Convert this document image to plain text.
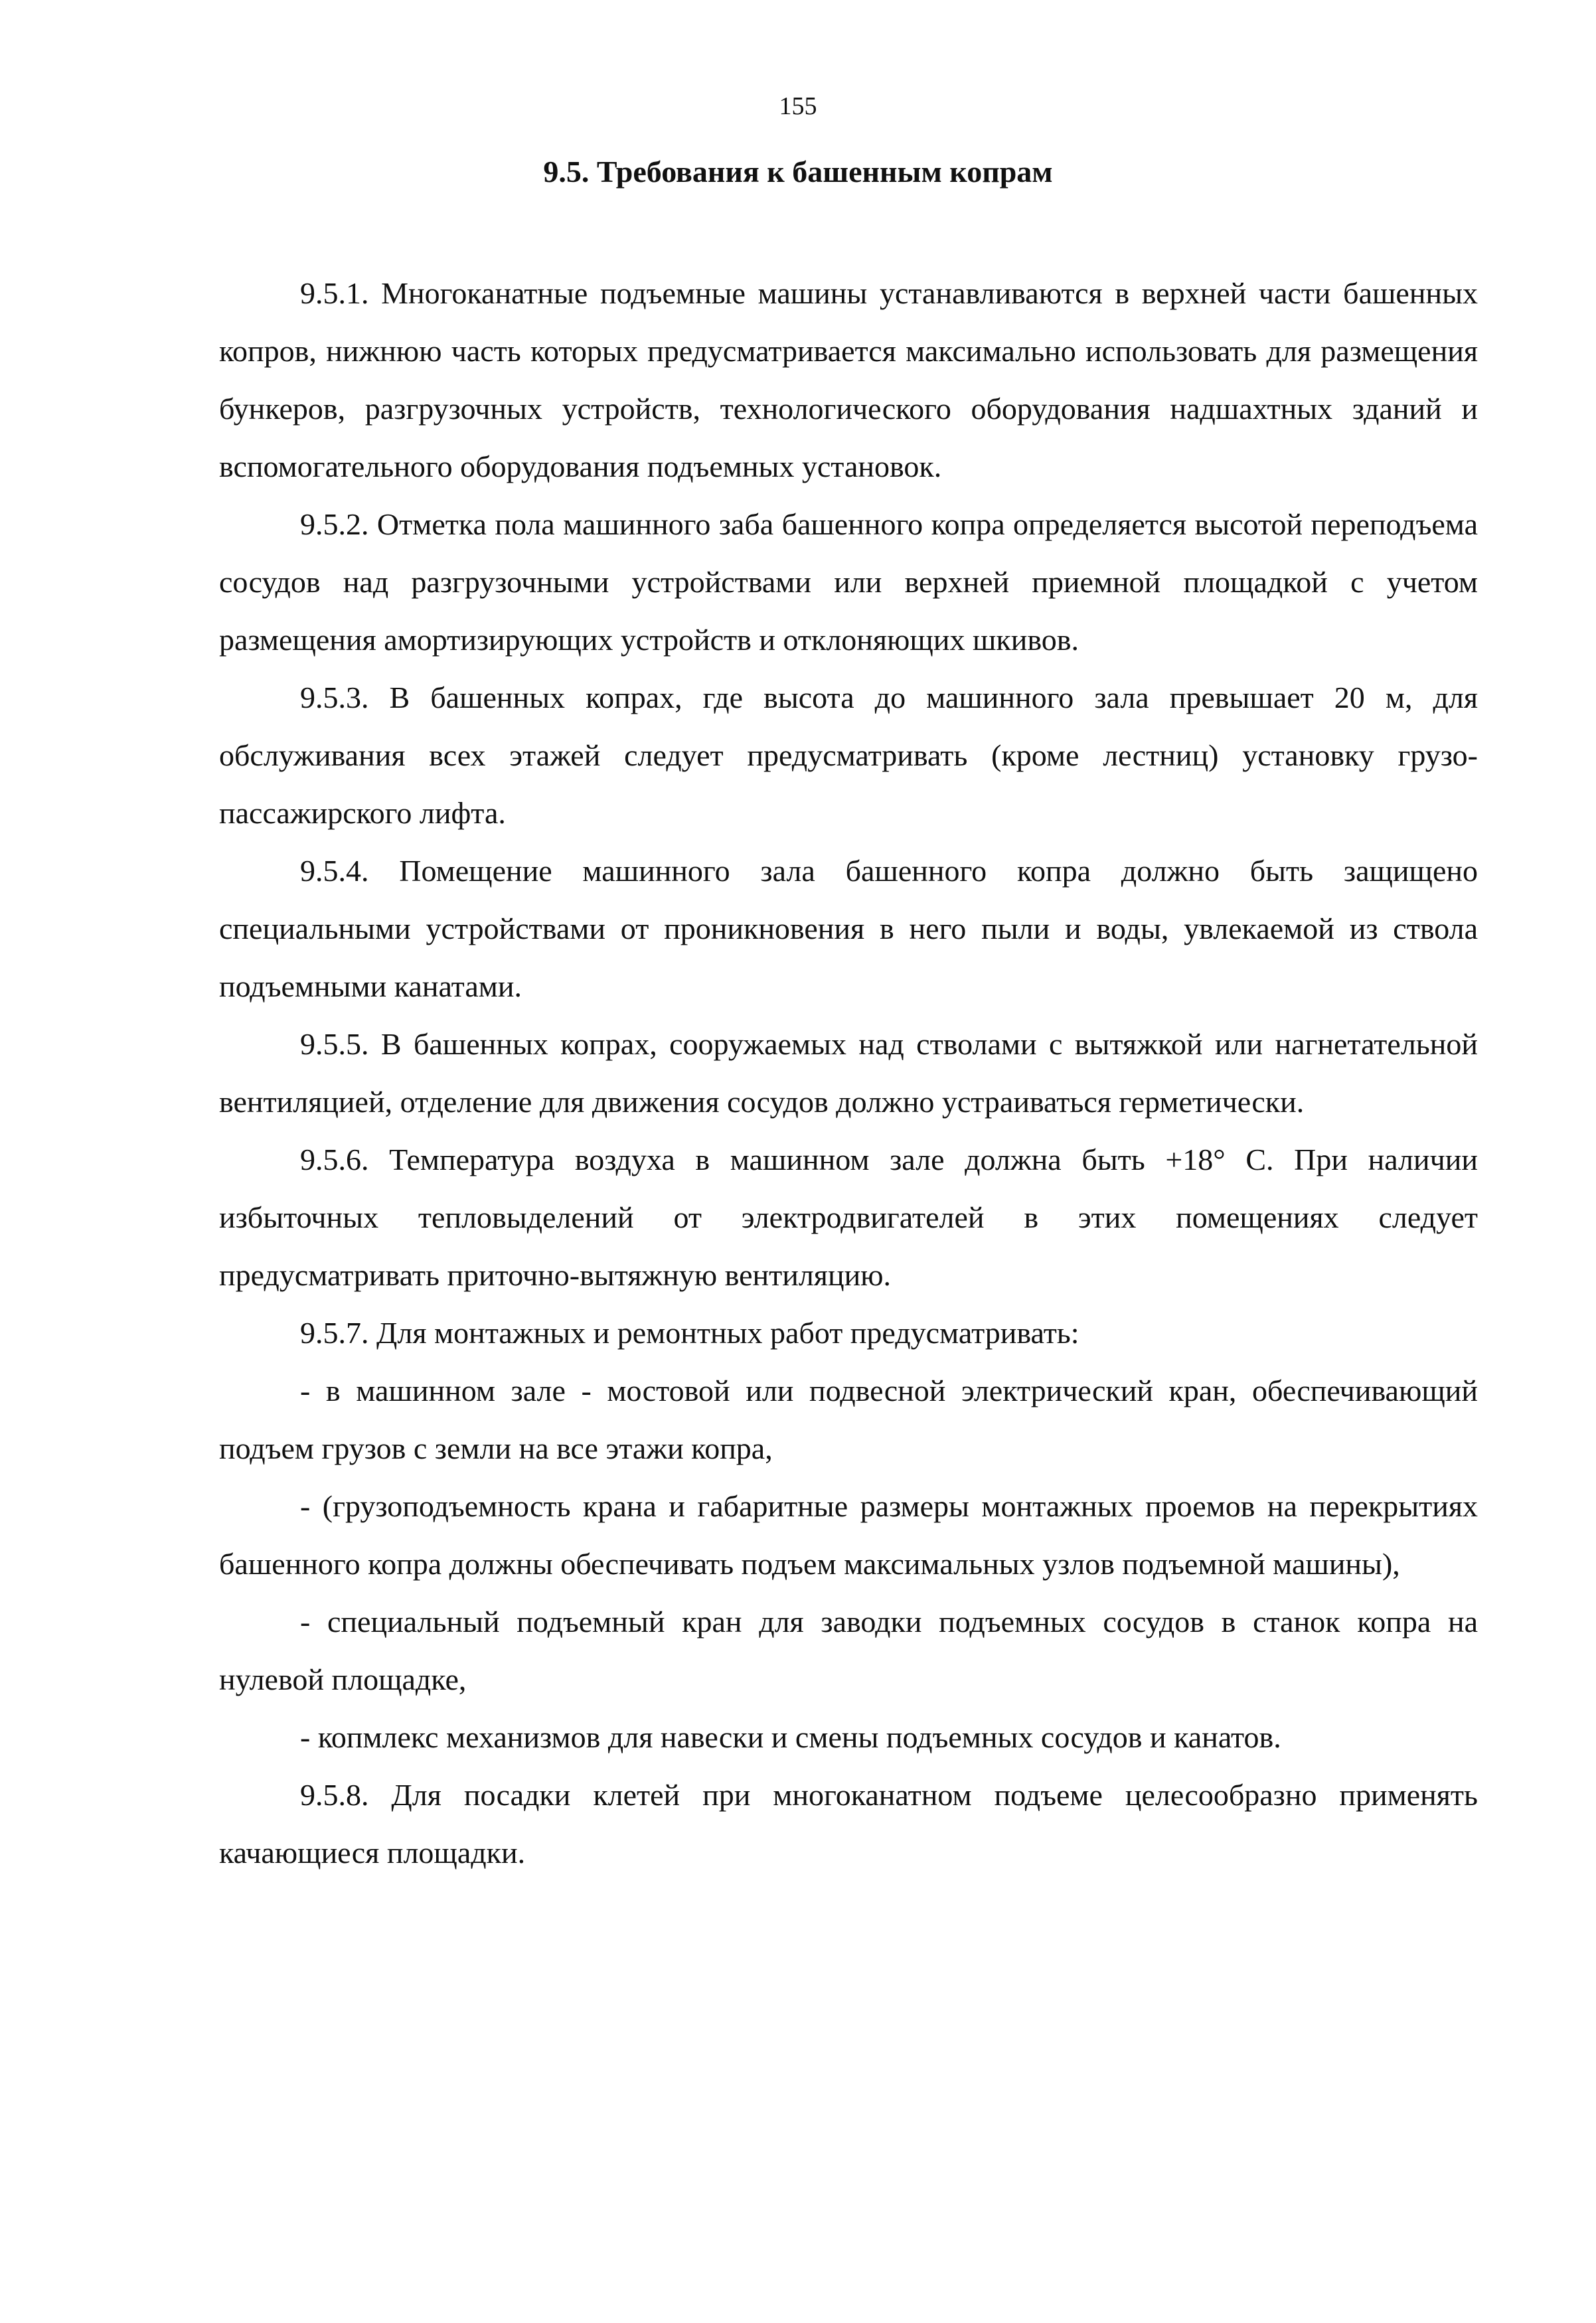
155
9.5. Требования к башенным копрам

9.5.1. Многоканатные подъемные машины устанавливаются в верхней части башенных копров, нижнюю часть которых предусматривается максимально использовать для размещения бункеров, разгрузочных устройств, технологического оборудования надшахтных зданий и вспомогательного оборудования подъемных установок.

9.5.2. Отметка пола машинного заба башенного копра определяется высотой переподъема сосудов над разгрузочными устройствами или верхней приемной площадкой с учетом размещения амортизирующих устройств и отклоняющих шкивов.

9.5.3. В башенных копрах, где высота до машинного зала превышает 20 м, для обслуживания всех этажей следует предусматривать (кроме лестниц) установку грузо-пассажирского лифта.

9.5.4. Помещение машинного зала башенного копра должно быть защищено специальными устройствами от проникновения в него пыли и воды, увлекаемой из ствола подъемными канатами.

9.5.5. В башенных копрах, сооружаемых над стволами с вытяжкой или нагнетательной вентиляцией, отделение для движения сосудов должно устраиваться герметически.

9.5.6. Температура воздуха в машинном зале должна быть +18° С. При наличии избыточных тепловыделений от электродвигателей в этих помещениях следует предусматривать приточно-вытяжную вентиляцию.

9.5.7. Для монтажных и ремонтных работ предусматривать:

- в машинном зале - мостовой или подвесной электрический кран, обеспечивающий подъем грузов с земли на все этажи копра,

- (грузоподъемность крана и габаритные размеры монтажных проемов на перекрытиях башенного копра должны обеспечивать подъем максимальных узлов подъемной машины),

- специальный подъемный кран для заводки подъемных сосудов в станок копра на нулевой площадке,

- копмлекс механизмов для навески и смены подъемных сосудов и канатов.

9.5.8. Для посадки клетей при многоканатном подъеме целесообразно применять качающиеся площадки.
